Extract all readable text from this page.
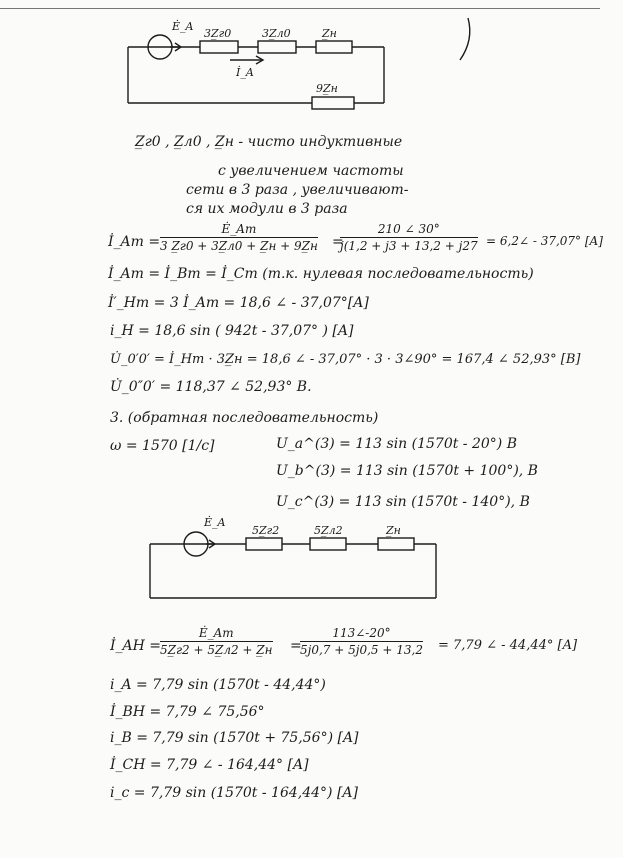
Ė_A
3Z̲г0	3Z̲л0	Z̲н
9Z̲н
İ_A
Z̲г0 , Z̲л0 , Z̲н - чисто индуктивные
с увеличением частоты
сети в 3 раза , увеличивают-
ся их модули в 3 раза
İ_Am =
Ė_Am
3 Z̲г0 + 3Z̲л0 + Z̲н + 9Z̲н =
210 ∠ 30°
j(1,2 + j3 + 13,2 + j27 = 6,2∠ - 37,07° [A]
İ_Am = İ_Bm = İ_Cm (т.к. нулевая последовательность)
İ′_Hm = 3 İ_Am = 18,6 ∠ - 37,07°[A]
i_H = 18,6 sin ( 942t - 37,07° ) [A]
U̇_0′0′ = İ_Hm · 3Z̲н = 18,6 ∠ - 37,07° · 3 · 3∠90° = 167,4 ∠ 52,93° [B]
U̇_0″0′ = 118,37 ∠ 52,93° B.
3. (обратная последовательность)
ω = 1570 [1/c]	U_a^(3) = 113 sin (1570t - 20°) B
U_b^(3) = 113 sin (1570t + 100°), B
U_c^(3) = 113 sin (1570t - 140°), B
Ė_A
5Z̲г2	5Z̲л2	Z̲н
İ_AH =
Ė_Am
5Z̲г2 + 5Z̲л2 + Z̲н =
113∠-20°
5j0,7 + 5j0,5 + 13,2 = 7,79 ∠ - 44,44° [A]
i_A = 7,79 sin (1570t - 44,44°)
İ_BH = 7,79 ∠ 75,56°
i_B = 7,79 sin (1570t + 75,56°) [A]
İ_CH = 7,79 ∠ - 164,44° [A]
i_c = 7,79 sin (1570t - 164,44°) [A]
